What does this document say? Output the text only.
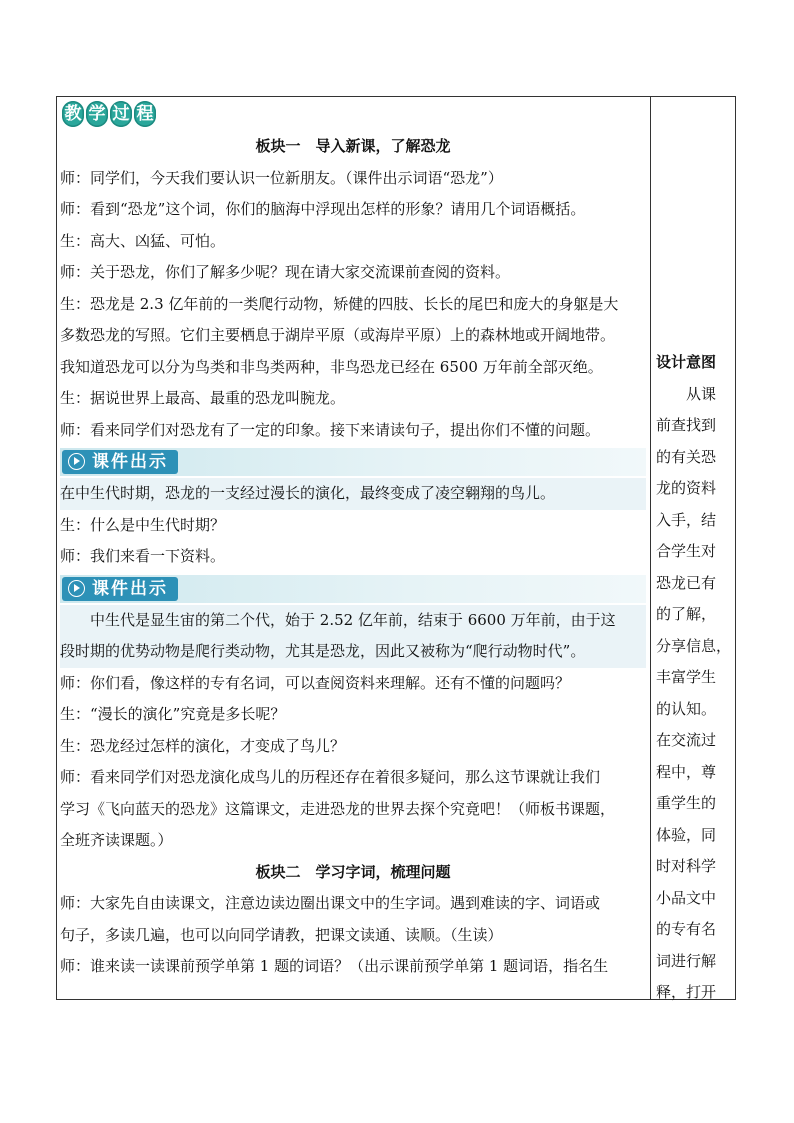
教 学 过 程
板块一　导入新课，了解恐龙
师：同学们，今天我们要认识一位新朋友。（课件出示词语“恐龙”）
师：看到“恐龙”这个词，你们的脑海中浮现出怎样的形象？请用几个词语概括。
生：高大、凶猛、可怕。
师：关于恐龙，你们了解多少呢？现在请大家交流课前查阅的资料。
生：恐龙是 2.3 亿年前的一类爬行动物，矫健的四肢、长长的尾巴和庞大的身躯是大
多数恐龙的写照。它们主要栖息于湖岸平原（或海岸平原）上的森林地或开阔地带。
我知道恐龙可以分为鸟类和非鸟类两种，非鸟恐龙已经在 6500 万年前全部灭绝。
生：据说世界上最高、最重的恐龙叫腕龙。
师：看来同学们对恐龙有了一定的印象。接下来请读句子，提出你们不懂的问题。
课件出示
在中生代时期，恐龙的一支经过漫长的演化，最终变成了凌空翱翔的鸟儿。
生：什么是中生代时期？
师：我们来看一下资料。
课件出示
中生代是显生宙的第二个代，始于 2.52 亿年前，结束于 6600 万年前，由于这
段时期的优势动物是爬行类动物，尤其是恐龙，因此又被称为“爬行动物时代”。
师：你们看，像这样的专有名词，可以查阅资料来理解。还有不懂的问题吗？
生：“漫长的演化”究竟是多长呢？
生：恐龙经过怎样的演化，才变成了鸟儿？
师：看来同学们对恐龙演化成鸟儿的历程还存在着很多疑问，那么这节课就让我们
学习《飞向蓝天的恐龙》这篇课文，走进恐龙的世界去探个究竟吧！（师板书课题，
全班齐读课题。）
板块二　学习字词，梳理问题
师：大家先自由读课文，注意边读边圈出课文中的生字词。遇到难读的字、词语或
句子，多读几遍，也可以向同学请教，把课文读通、读顺。（生读）
师：谁来读一读课前预学单第 1 题的词语？（出示课前预学单第 1 题词语，指名生
设计意图
　　从课
前查找到
的有关恐
龙的资料
入手，结
合学生对
恐龙已有
的了解，
分享信息，
丰富学生
的认知。
在交流过
程中，尊
重学生的
体验，同
时对科学
小品文中
的专有名
词进行解
释，打开
